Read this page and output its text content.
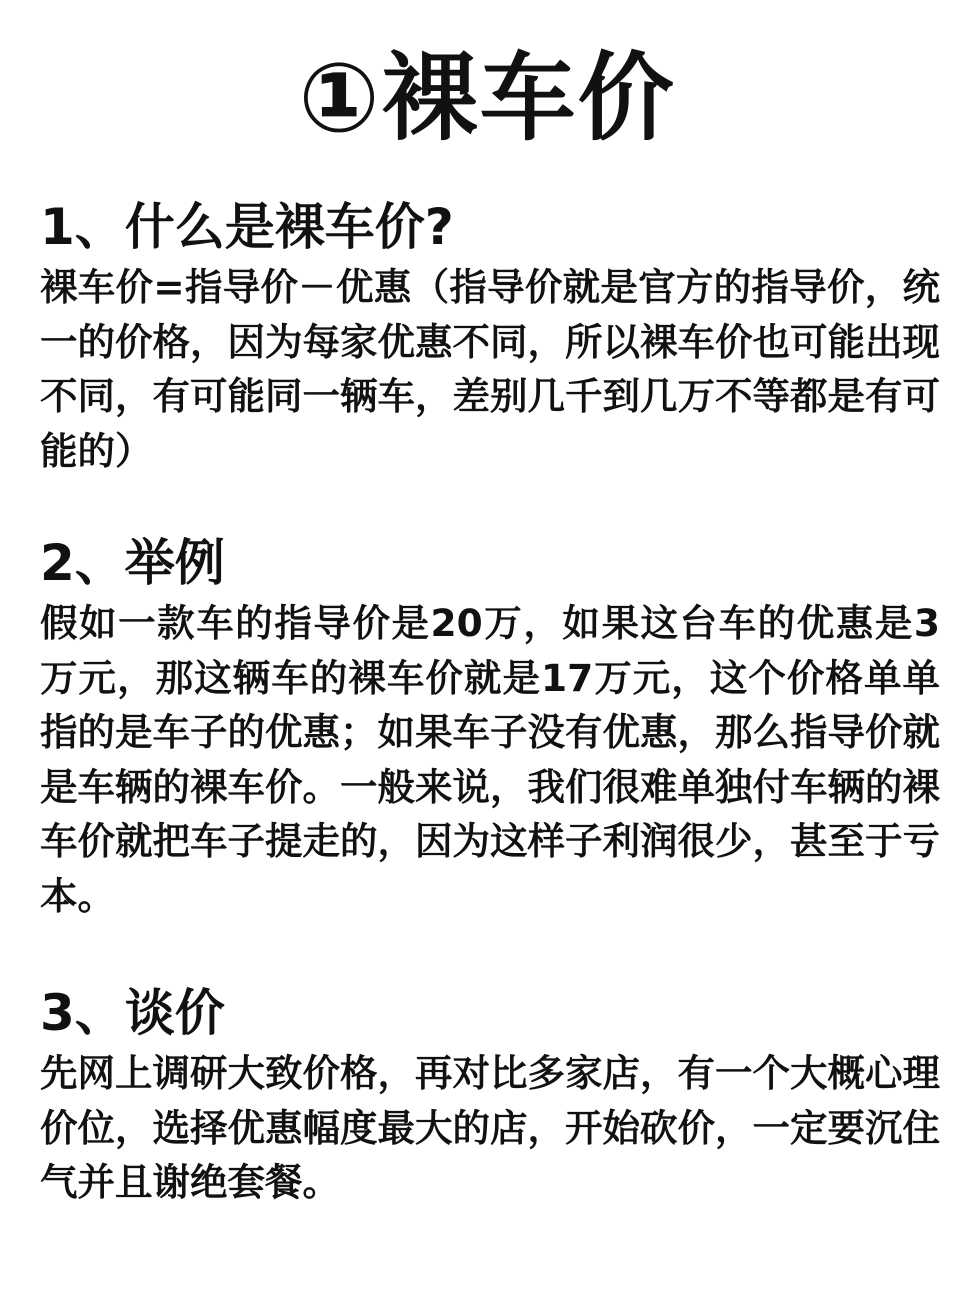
①裸车价
1、什么是裸车价?

裸车价=指导价－优惠（指导价就是官方的指导价，统一的价格，因为每家优惠不同，所以裸车价也可能出现不同，有可能同一辆车，差别几千到几万不等都是有可能的）

2、举例

假如一款车的指导价是20万，如果这台车的优惠是3万元，那这辆车的裸车价就是17万元，这个价格单单指的是车子的优惠；如果车子没有优惠，那么指导价就是车辆的裸车价。一般来说，我们很难单独付车辆的裸车价就把车子提走的，因为这样子利润很少，甚至于亏本。

3、谈价

先网上调研大致价格，再对比多家店，有一个大概心理价位，选择优惠幅度最大的店，开始砍价，一定要沉住气并且谢绝套餐。
